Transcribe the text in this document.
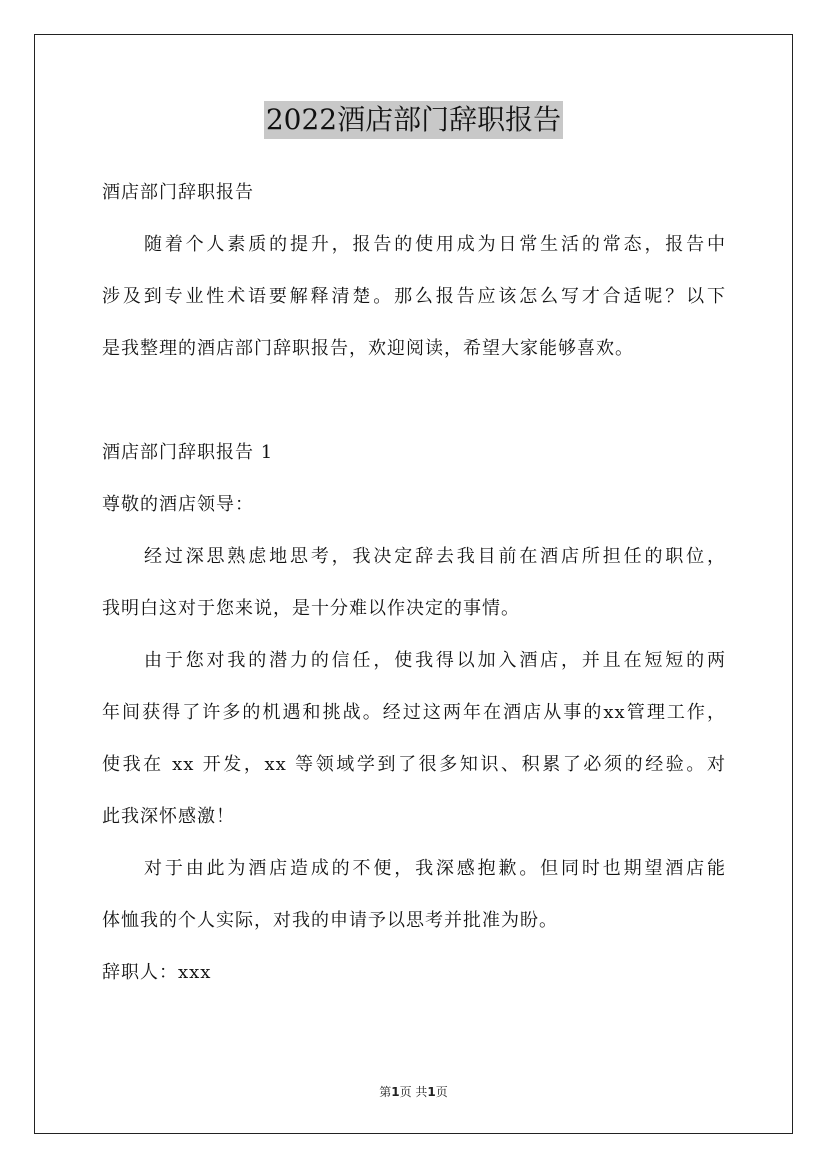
2022酒店部门辞职报告
酒店部门辞职报告
随着个人素质的提升，报告的使用成为日常生活的常态，报告中
涉及到专业性术语要解释清楚。那么报告应该怎么写才合适呢？以下
是我整理的酒店部门辞职报告，欢迎阅读，希望大家能够喜欢。
酒店部门辞职报告 1
尊敬的酒店领导：
经过深思熟虑地思考，我决定辞去我目前在酒店所担任的职位，
我明白这对于您来说，是十分难以作决定的事情。
由于您对我的潜力的信任，使我得以加入酒店，并且在短短的两
年间获得了许多的机遇和挑战。经过这两年在酒店从事的xx管理工作，
使我在 xx 开发，xx 等领域学到了很多知识、积累了必须的经验。对
此我深怀感激！
对于由此为酒店造成的不便，我深感抱歉。但同时也期望酒店能
体恤我的个人实际，对我的申请予以思考并批准为盼。
辞职人：xxx
第1页 共1页
